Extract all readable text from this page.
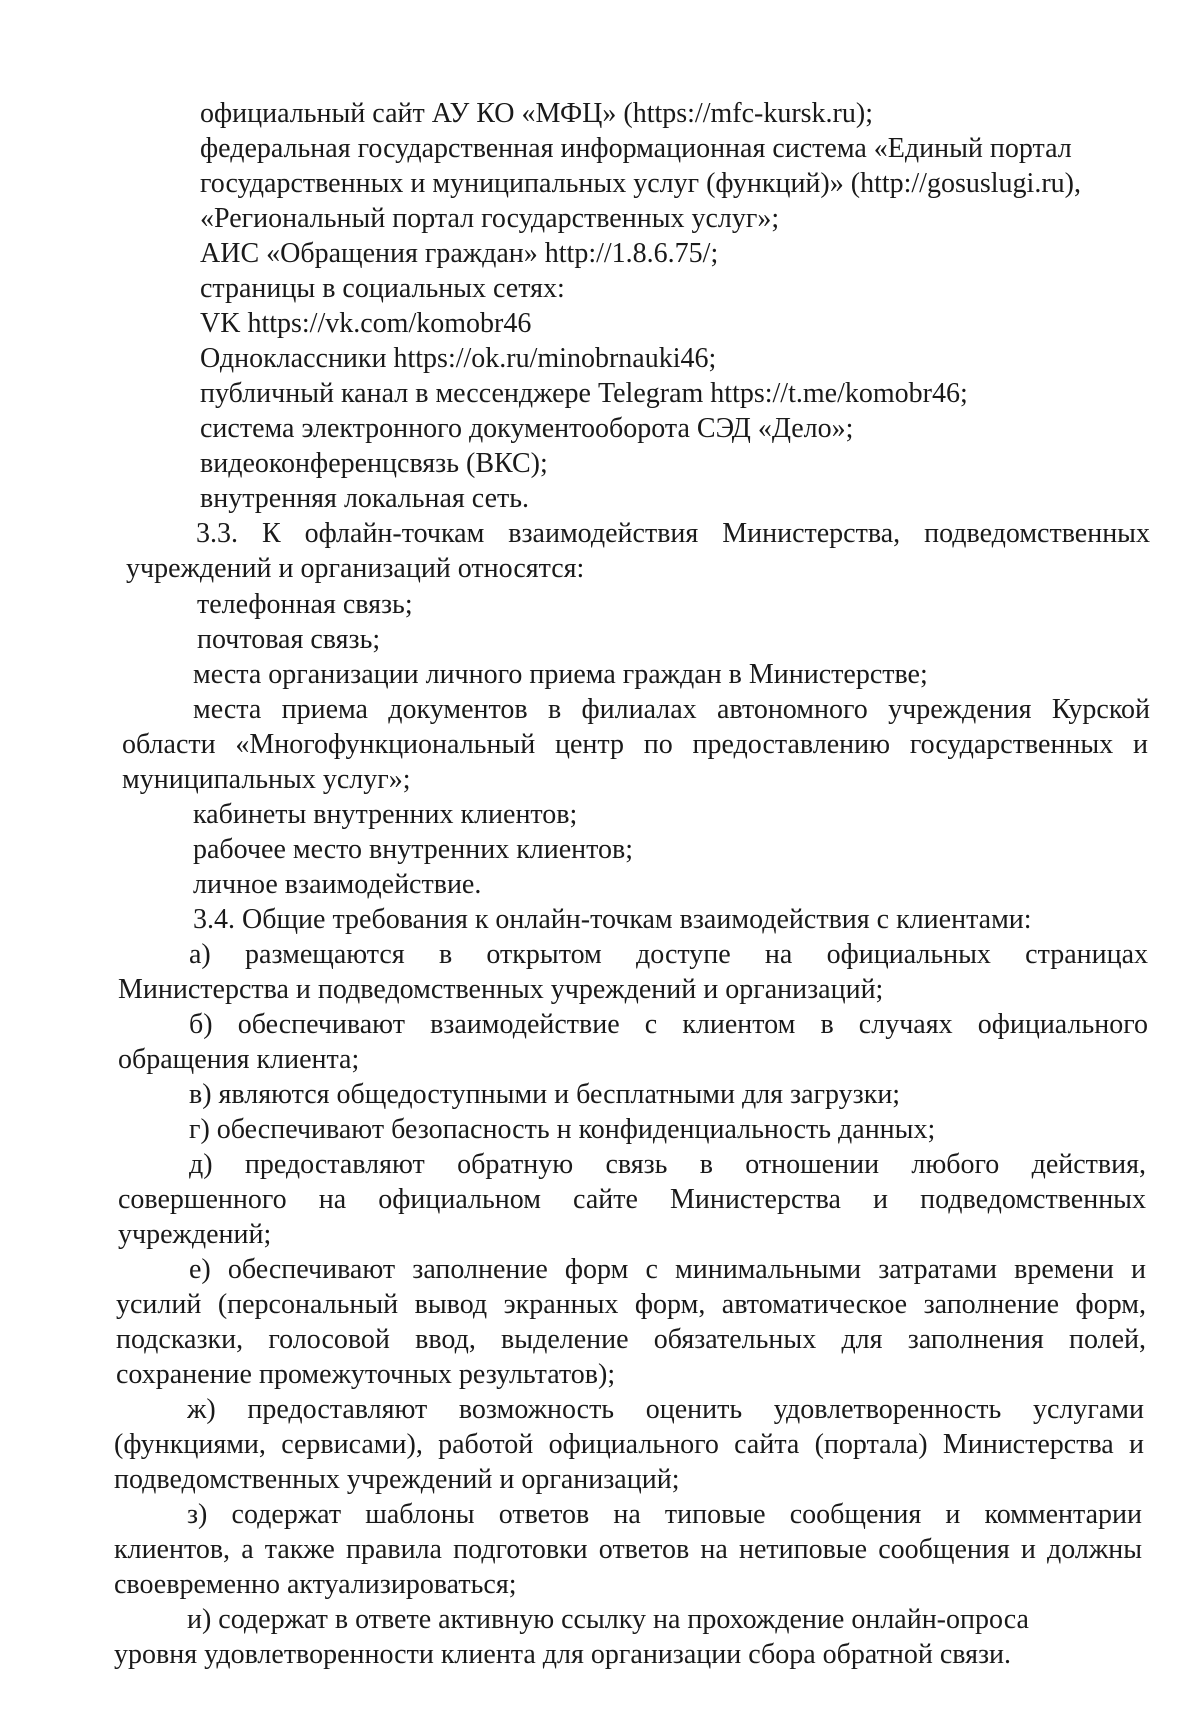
официальный сайт АУ КО «МФЦ» (https://mfc-kursk.ru);
федеральная государственная информационная система «Единый портал
государственных и муниципальных услуг (функций)» (http://gosuslugi.ru),
«Региональный портал государственных услуг»;
АИС «Обращения граждан» http://1.8.6.75/;
страницы в социальных сетях:
VK https://vk.com/komobr46
Одноклассники https://ok.ru/minobrnauki46;
публичный канал в мессенджере Telegram https://t.me/komobr46;
система электронного документооборота СЭД «Дело»;
видеоконференцсвязь (ВКС);
внутренняя локальная сеть.
3.3. К офлайн-точкам взаимодействия Министерства, подведомственных
учреждений и организаций относятся:
телефонная связь;
почтовая связь;
места организации личного приема граждан в Министерстве;
места приема документов в филиалах автономного учреждения Курской
области «Многофункциональный центр по предоставлению государственных и
муниципальных услуг»;
кабинеты внутренних клиентов;
рабочее место внутренних клиентов;
личное взаимодействие.
3.4. Общие требования к онлайн-точкам взаимодействия с клиентами:
а) размещаются в открытом доступе на официальных страницах
Министерства и подведомственных учреждений и организаций;
б) обеспечивают взаимодействие с клиентом в случаях официального
обращения клиента;
в) являются общедоступными и бесплатными для загрузки;
г) обеспечивают безопасность н конфиденциальность данных;
д) предоставляют обратную связь в отношении любого действия,
совершенного на официальном сайте Министерства и подведомственных
учреждений;
е) обеспечивают заполнение форм с минимальными затратами времени и
усилий (персональный вывод экранных форм, автоматическое заполнение форм,
подсказки, голосовой ввод, выделение обязательных для заполнения полей,
сохранение промежуточных результатов);
ж) предоставляют возможность оценить удовлетворенность услугами
(функциями, сервисами), работой официального сайта (портала) Министерства и
подведомственных учреждений и организаций;
з) содержат шаблоны ответов на типовые сообщения и комментарии
клиентов, а также правила подготовки ответов на нетиповые сообщения и должны
своевременно актуализироваться;
и) содержат в ответе активную ссылку на прохождение онлайн-опроса
уровня удовлетворенности клиента для организации сбора обратной связи.
